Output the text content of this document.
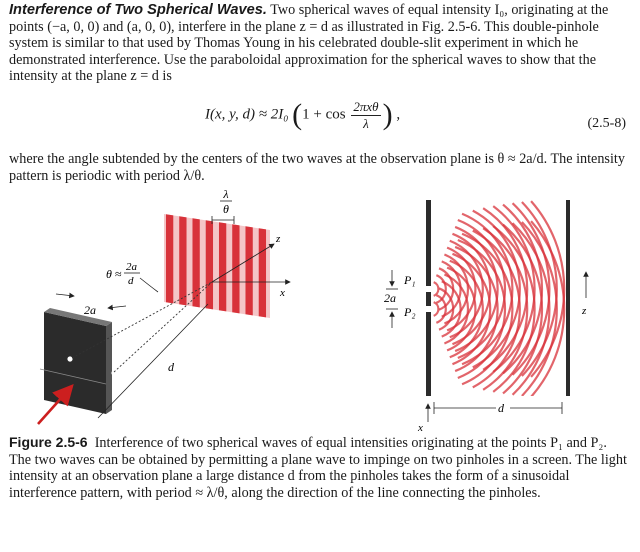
Interference of Two Spherical Waves. Two spherical waves of equal intensity I₀, originating at the points (−a, 0, 0) and (a, 0, 0), interfere in the plane z = d as illustrated in Fig. 2.5-6. This double-pinhole system is similar to that used by Thomas Young in his celebrated double-slit experiment in which he demonstrated interference. Use the paraboloidal approximation for the spherical waves to show that the intensity at the plane z = d is
I(x, y, d) ≈ 2I₀ ($1 + \cos \frac{\text{2πxθ}}{\lambda}$ ) ,
(2.5-8)
where the angle subtended by the centers of the two waves at the observation plane is θ ≈ 2a/d. The intensity pattern is periodic with period λ/θ.
λ
θ
z
x
θ ≈ 2a
d
2a
d
P₁
P₂
2a
z
d
x
Figure 2.5-6 Interference of two spherical waves of equal intensities originating at the points P₁ and P₂. The two waves can be obtained by permitting a plane wave to impinge on two pinholes in a screen. The light intensity at an observation plane a large distance d from the pinholes takes the form of a sinusoidal interference pattern, with period ≈ λ/θ, along the direction of the line connecting the pinholes.
